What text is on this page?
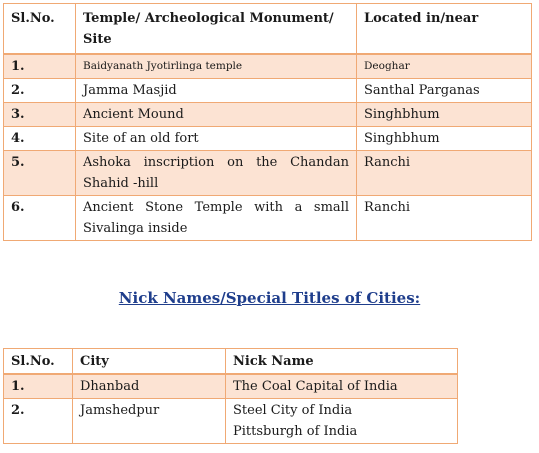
Sl.No.	Temple/ Archeological Monument/ Site	Located in/near
1.	Baidyanath Jyotirlinga temple	Deoghar
2.	Jamma Masjid	Santhal Parganas
3.	Ancient Mound	Singhbhum
4.	Site of an old fort	Singhbhum
5.	Ashoka inscription on the Chandan Shahid -hill	Ranchi
6.	Ancient Stone Temple with a small Sivalinga inside	Ranchi

Nick Names/Special Titles of Cities:

Sl.No.	City	Nick Name
1.	Dhanbad	The Coal Capital of India

2.	Jamshedpur	Steel City of India
Pittsburgh of India
